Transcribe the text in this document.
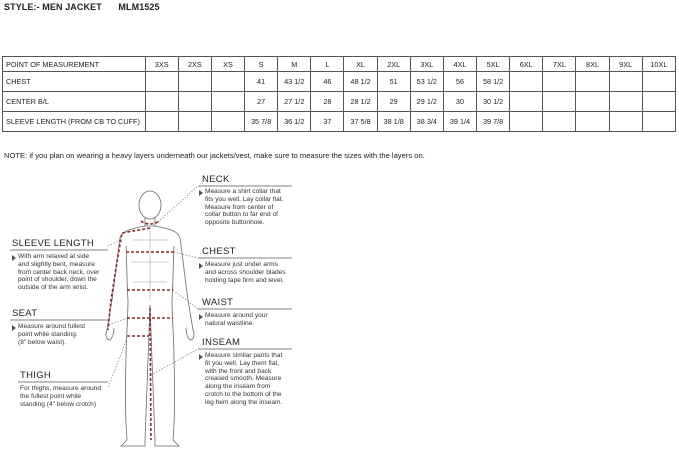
STYLE:- MEN JACKET MLM1525
POINT OF MEASUREMENT	3XS	2XS	XS	S	M	L	XL	2XL	3XL	4XL	5XL	6XL	7XL	8XL	9XL	10XL
CHEST				41	43 1/2	46	48 1/2	51	53 1/2	56	58 1/2					
CENTER B/L				27	27 1/2	28	28 1/2	29	29 1/2	30	30 1/2					
SLEEVE LENGTH (FROM CB TO CUFF)				35 7/8	36 1/2	37	37 5/8	38 1/8	38 3/4	39 1/4	39 7/8					
NOTE: if you plan on wearing a heavy layers underneath our jackets/vest, make sure to measure the sizes with the layers on.
NECK
Measure a shirt collar that
fits you well. Lay collar flat.
Measure from center of
collar button to far end of
opposite buttonhole.
CHEST
Measure just under arms
and across shoulder blades
holding tape firm and level.
WAIST
Measure around your
natural waistline.
INSEAM
Measure similar pants that
fit you well. Lay them flat,
with the front and back
creased smooth. Measure
along the inseam from
crotch to the bottom of the
leg hem along the inseam.
SLEEVE LENGTH
With arm relaxed at side
and slightly bent, measure
from center back neck, over
point of shoulder, down the
outside of the arm wrist.
SEAT
Measure around fullest
point while standing.
(8" below waist).
THIGH
For thighs, measure around
the fullest point while
standing (4" below crotch)
